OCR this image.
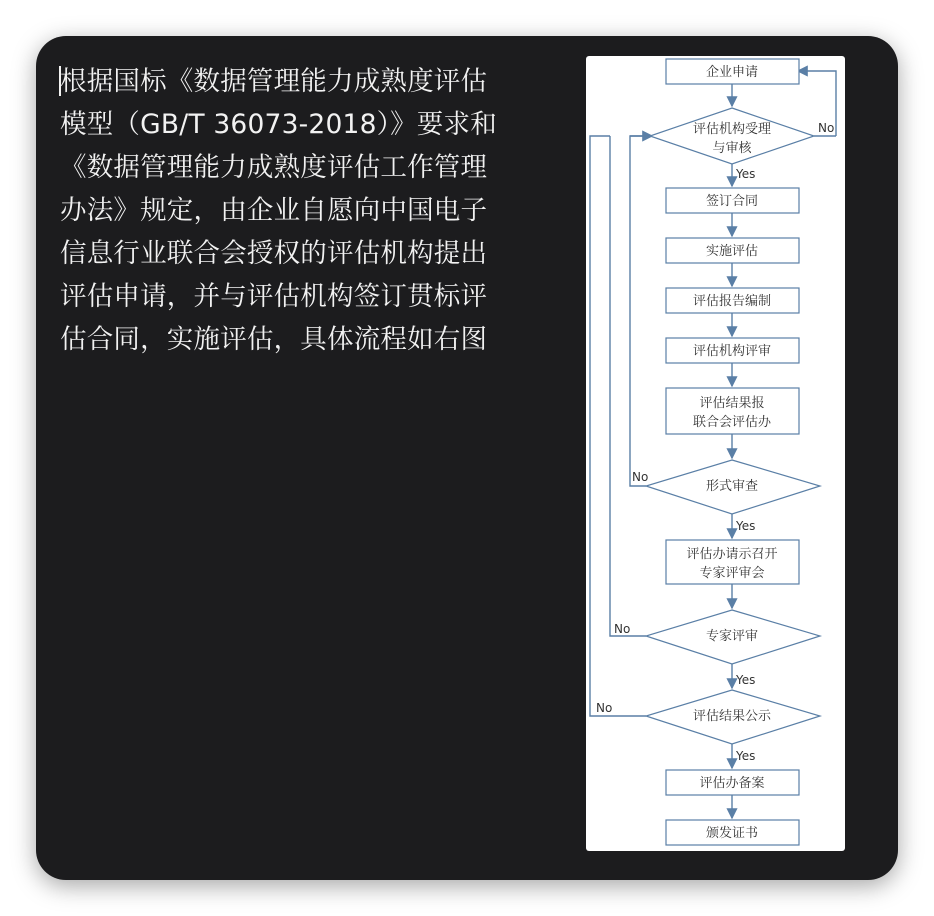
根据国标《数据管理能力成熟度评估模型（GB/T 36073-2018）》要求和《数据管理能力成熟度评估工作管理办法》规定，由企业自愿向中国电子信息行业联合会授权的评估机构提出评估申请，并与评估机构签订贯标评估合同，实施评估，具体流程如右图
企业申请
评估机构受理
与审核
签订合同
实施评估
评估报告编制
评估机构评审
评估结果报
联合会评估办
形式审查
评估办请示召开
专家评审会
专家评审
评估结果公示
评估办备案
颁发证书
Yes
No
Yes
No
Yes
No
Yes
No
